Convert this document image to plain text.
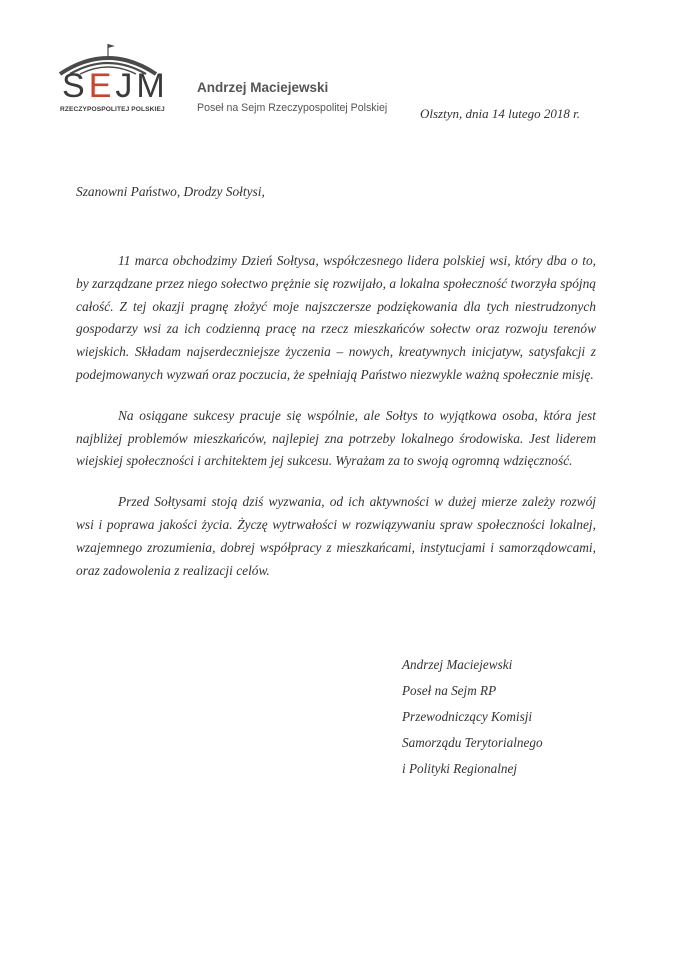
SEJM
RZECZYPOSPOLITEJ POLSKIEJ
Andrzej Maciejewski
Poseł na Sejm Rzeczypospolitej Polskiej	Olsztyn, dnia 14 lutego 2018 r.
Szanowni Państwo, Drodzy Sołtysi,

11 marca obchodzimy Dzień Sołtysa, współczesnego lidera polskiej wsi, który dba o to, by zarządzane przez niego sołectwo prężnie się rozwijało, a lokalna społeczność tworzyła spójną całość. Z tej okazji pragnę złożyć moje najszczersze podziękowania dla tych niestrudzonych gospodarzy wsi za ich codzienną pracę na rzecz mieszkańców sołectw oraz rozwoju terenów wiejskich. Składam najserdeczniejsze życzenia – nowych, kreatywnych inicjatyw, satysfakcji z podejmowanych wyzwań oraz poczucia, że spełniają Państwo niezwykle ważną społecznie misję.

Na osiągane sukcesy pracuje się wspólnie, ale Sołtys to wyjątkowa osoba, która jest najbliżej problemów mieszkańców, najlepiej zna potrzeby lokalnego środowiska. Jest liderem wiejskiej społeczności i architektem jej sukcesu. Wyrażam za to swoją ogromną wdzięczność.

Przed Sołtysami stoją dziś wyzwania, od ich aktywności w dużej mierze zależy rozwój wsi i poprawa jakości życia. Życzę wytrwałości w rozwiązywaniu spraw społeczności lokalnej, wzajemnego zrozumienia, dobrej współpracy z mieszkańcami, instytucjami i samorządowcami, oraz zadowolenia z realizacji celów.

Andrzej Maciejewski
Poseł na Sejm RP
Przewodniczący Komisji
Samorządu Terytorialnego
i Polityki Regionalnej
